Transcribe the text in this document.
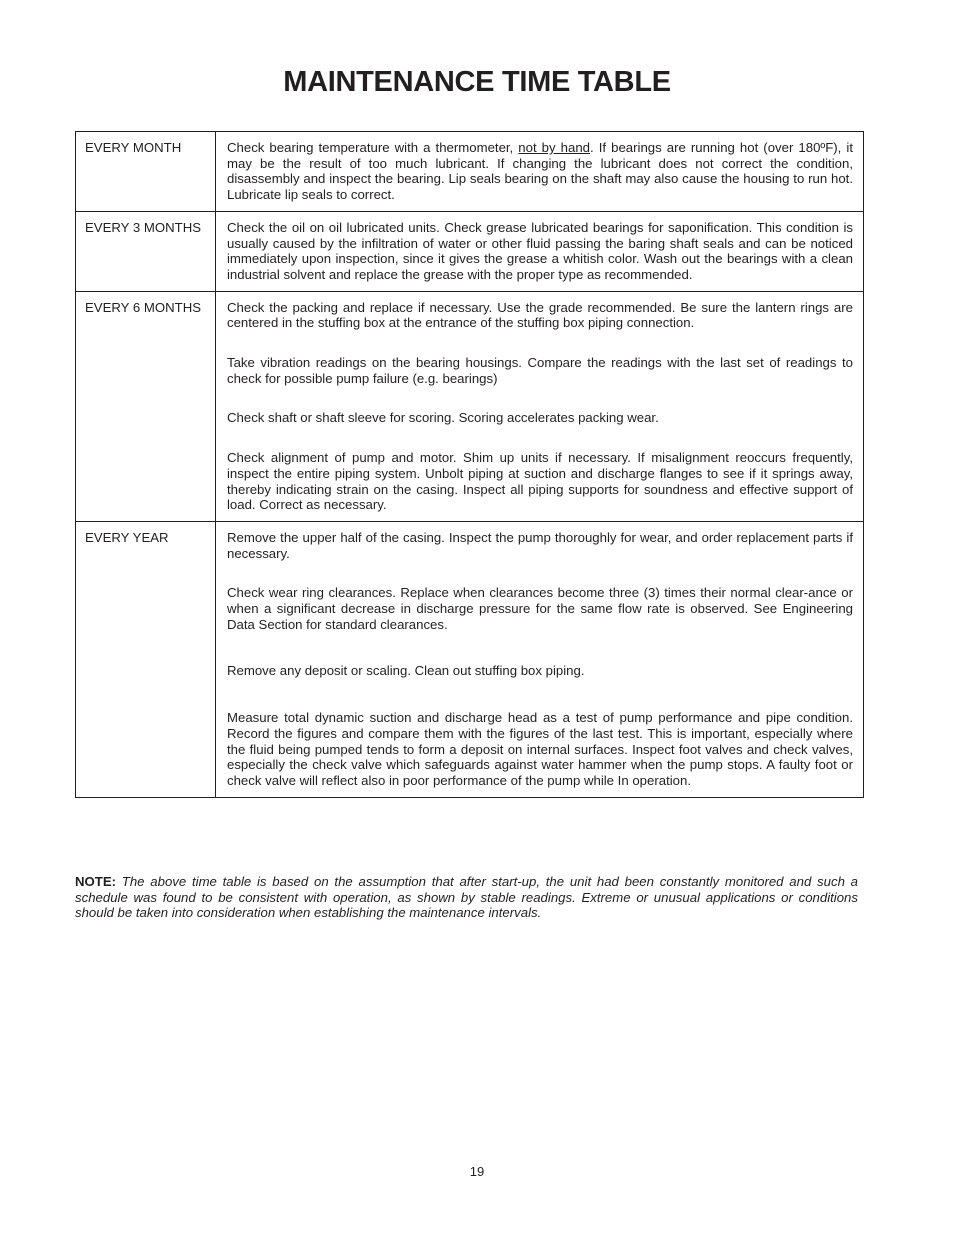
MAINTENANCE TIME TABLE
EVERY MONTH	Check bearing temperature with a thermometer, not by hand. If bearings are running hot (over 180ºF), it may be the result of too much lubricant. If changing the lubricant does not correct the condition, disassembly and inspect the bearing. Lip seals bearing on the shaft may also cause the housing to run hot. Lubricate lip seals to correct.

EVERY 3 MONTHS	Check the oil on oil lubricated units. Check grease lubricated bearings for saponification. This condition is usually caused by the infiltration of water or other fluid passing the baring shaft seals and can be noticed immediately upon inspection, since it gives the grease a whitish color. Wash out the bearings with a clean industrial solvent and replace the grease with the proper type as recommended.

EVERY 6 MONTHS	Check the packing and replace if necessary. Use the grade recommended. Be sure the lantern rings are centered in the stuffing box at the entrance of the stuffing box piping connection.

Take vibration readings on the bearing housings. Compare the readings with the last set of readings to check for possible pump failure (e.g. bearings)

Check shaft or shaft sleeve for scoring. Scoring accelerates packing wear.

Check alignment of pump and motor. Shim up units if necessary. If misalignment reoccurs frequently, inspect the entire piping system. Unbolt piping at suction and discharge flanges to see if it springs away, thereby indicating strain on the casing. Inspect all piping supports for soundness and effective support of load. Correct as necessary.

EVERY YEAR	Remove the upper half of the casing. Inspect the pump thoroughly for wear, and order replacement parts if necessary.

Check wear ring clearances. Replace when clearances become three (3) times their normal clear-ance or when a significant decrease in discharge pressure for the same flow rate is observed. See Engineering Data Section for standard clearances.

Remove any deposit or scaling. Clean out stuffing box piping.

Measure total dynamic suction and discharge head as a test of pump performance and pipe condition. Record the figures and compare them with the figures of the last test. This is important, especially where the fluid being pumped tends to form a deposit on internal surfaces. Inspect foot valves and check valves, especially the check valve which safeguards against water hammer when the pump stops. A faulty foot or check valve will reflect also in poor performance of the pump while In operation.

NOTE: The above time table is based on the assumption that after start-up, the unit had been constantly monitored and such a schedule was found to be consistent with operation, as shown by stable readings. Extreme or unusual applications or conditions should be taken into consideration when establishing the maintenance intervals.

19
